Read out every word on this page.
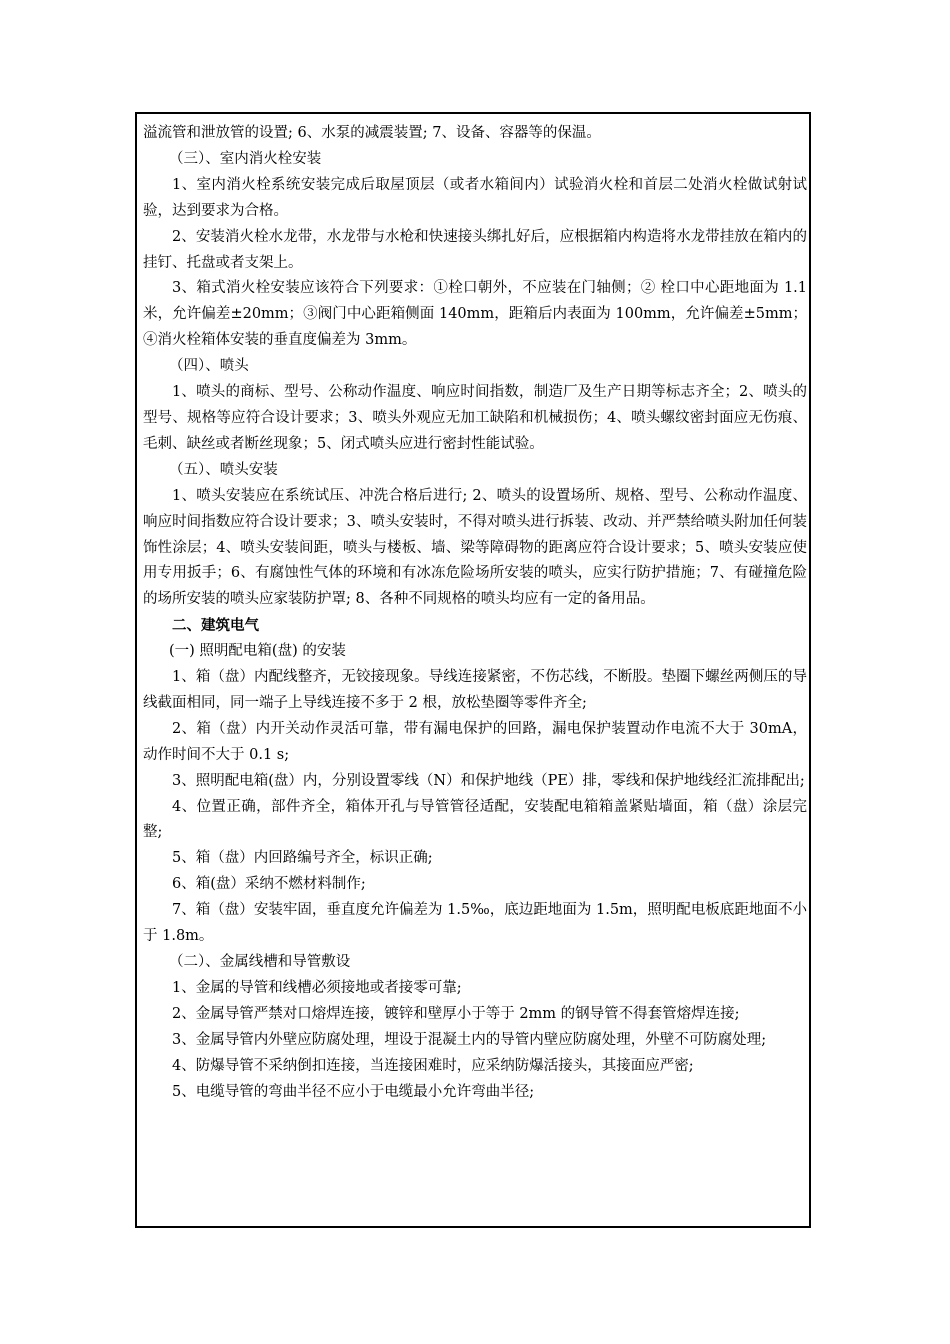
溢流管和泄放管的设置; 6、水泵的减震装置; 7、设备、容器等的保温。

（三）、室内消火栓安装

1、室内消火栓系统安装完成后取屋顶层（或者水箱间内）试验消火栓和首层二处消火栓做试射试验，达到要求为合格。

2、安装消火栓水龙带，水龙带与水枪和快速接头绑扎好后，应根据箱内构造将水龙带挂放在箱内的挂钉、托盘或者支架上。

3、箱式消火栓安装应该符合下列要求：①栓口朝外，不应装在门轴侧；② 栓口中心距地面为 1.1 米，允许偏差±20mm；③阀门中心距箱侧面 140mm，距箱后内表面为 100mm，允许偏差±5mm；④消火栓箱体安装的垂直度偏差为 3mm。

（四）、喷头

1、喷头的商标、型号、公称动作温度、响应时间指数，制造厂及生产日期等标志齐全；2、喷头的型号、规格等应符合设计要求；3、喷头外观应无加工缺陷和机械损伤；4、喷头螺纹密封面应无伤痕、毛刺、缺丝或者断丝现象；5、闭式喷头应进行密封性能试验。

（五）、喷头安装

1、喷头安装应在系统试压、冲洗合格后进行; 2、喷头的设置场所、规格、型号、公称动作温度、响应时间指数应符合设计要求；3、喷头安装时，不得对喷头进行拆装、改动、并严禁给喷头附加任何装饰性涂层；4、喷头安装间距，喷头与楼板、墙、梁等障碍物的距离应符合设计要求；5、喷头安装应使用专用扳手；6、有腐蚀性气体的环境和有冰冻危险场所安装的喷头，应实行防护措施；7、有碰撞危险的场所安装的喷头应家装防护罩; 8、各种不同规格的喷头均应有一定的备用品。

二、建筑电气

(一) 照明配电箱(盘) 的安装

1、箱（盘）内配线整齐，无铰接现象。导线连接紧密，不伤芯线，不断股。垫圈下螺丝两侧压的导线截面相同，同一端子上导线连接不多于 2 根，放松垫圈等零件齐全;

2、箱（盘）内开关动作灵活可靠，带有漏电保护的回路，漏电保护装置动作电流不大于 30mA，动作时间不大于 0.1 s;

3、照明配电箱(盘）内，分别设置零线（N）和保护地线（PE）排，零线和保护地线经汇流排配出;

4、位置正确，部件齐全，箱体开孔与导管管径适配，安装配电箱箱盖紧贴墙面，箱（盘）涂层完整;

5、箱（盘）内回路编号齐全，标识正确;

6、箱(盘）采纳不燃材料制作;

7、箱（盘）安装牢固，垂直度允许偏差为 1.5‰，底边距地面为 1.5m，照明配电板底距地面不小于 1.8m。

（二）、金属线槽和导管敷设

1、金属的导管和线槽必须接地或者接零可靠;

2、金属导管严禁对口熔焊连接，镀锌和壁厚小于等于 2mm 的钢导管不得套管熔焊连接;

3、金属导管内外壁应防腐处理，埋设于混凝土内的导管内壁应防腐处理，外壁不可防腐处理;

4、防爆导管不采纳倒扣连接，当连接困难时，应采纳防爆活接头，其接面应严密;

5、电缆导管的弯曲半径不应小于电缆最小允许弯曲半径;
